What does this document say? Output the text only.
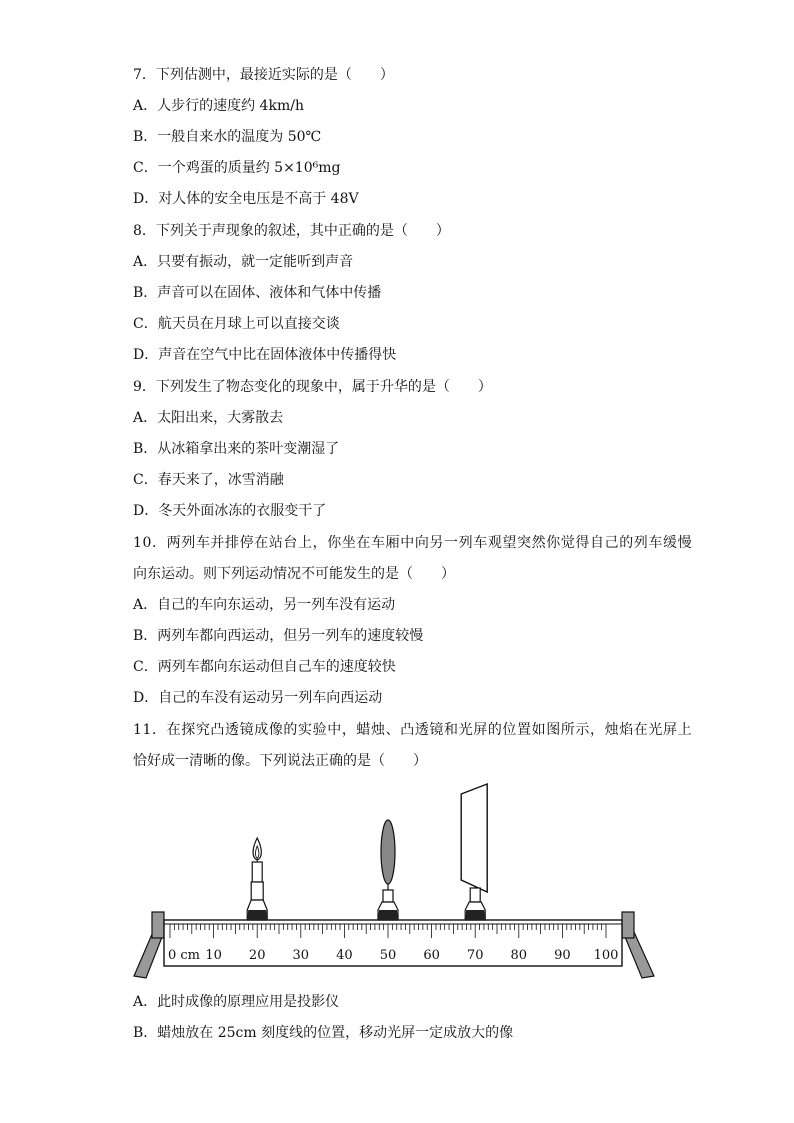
7．下列估测中，最接近实际的是（　　）
A．人步行的速度约 4km/h
B．一般自来水的温度为 50℃
C．一个鸡蛋的质量约 5×10⁶mg
D．对人体的安全电压是不高于 48V
8．下列关于声现象的叙述，其中正确的是（　　）
A．只要有振动，就一定能听到声音
B．声音可以在固体、液体和气体中传播
C．航天员在月球上可以直接交谈
D．声音在空气中比在固体液体中传播得快
9．下列发生了物态变化的现象中，属于升华的是（　　）
A．太阳出来，大雾散去
B．从冰箱拿出来的茶叶变潮湿了
C．春天来了，冰雪消融
D．冬天外面冰冻的衣服变干了
10．两列车并排停在站台上，你坐在车厢中向另一列车观望突然你觉得自己的列车缓慢
向东运动。则下列运动情况不可能发生的是（　　）
A．自己的车向东运动，另一列车没有运动
B．两列车都向西运动，但另一列车的速度较慢
C．两列车都向东运动但自己车的速度较快
D．自己的车没有运动另一列车向西运动
11．在探究凸透镜成像的实验中，蜡烛、凸透镜和光屏的位置如图所示，烛焰在光屏上
恰好成一清晰的像。下列说法正确的是（　　）
0 cm 10 20 30 40 50 60 70 80 90 100
A．此时成像的原理应用是投影仪
B．蜡烛放在 25cm 刻度线的位置，移动光屏一定成放大的像
